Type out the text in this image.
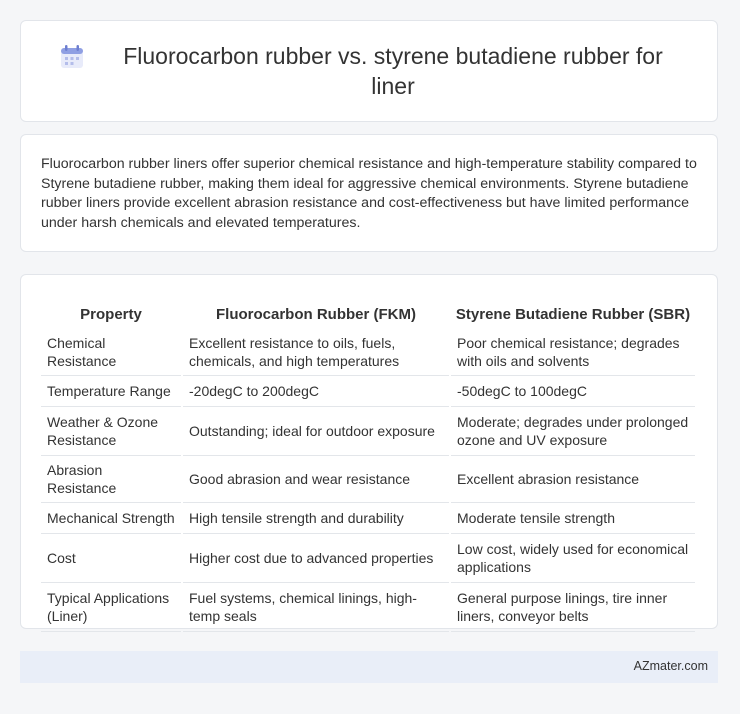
Fluorocarbon rubber vs. styrene butadiene rubber for liner

Fluorocarbon rubber liners offer superior chemical resistance and high-temperature stability compared to Styrene butadiene rubber, making them ideal for aggressive chemical environments. Styrene butadiene rubber liners provide excellent abrasion resistance and cost-effectiveness but have limited performance under harsh chemicals and elevated temperatures.

Property	Fluorocarbon Rubber (FKM)	Styrene Butadiene Rubber (SBR)
Chemical Resistance	Excellent resistance to oils, fuels, chemicals, and high temperatures	Poor chemical resistance; degrades with oils and solvents
Temperature Range	-20degC to 200degC	-50degC to 100degC
Weather & Ozone Resistance	Outstanding; ideal for outdoor exposure	Moderate; degrades under prolonged ozone and UV exposure
Abrasion Resistance	Good abrasion and wear resistance	Excellent abrasion resistance
Mechanical Strength	High tensile strength and durability	Moderate tensile strength
Cost	Higher cost due to advanced properties	Low cost, widely used for economical applications
Typical Applications (Liner)	Fuel systems, chemical linings, high-temp seals	General purpose linings, tire inner liners, conveyor belts
AZmater.com
